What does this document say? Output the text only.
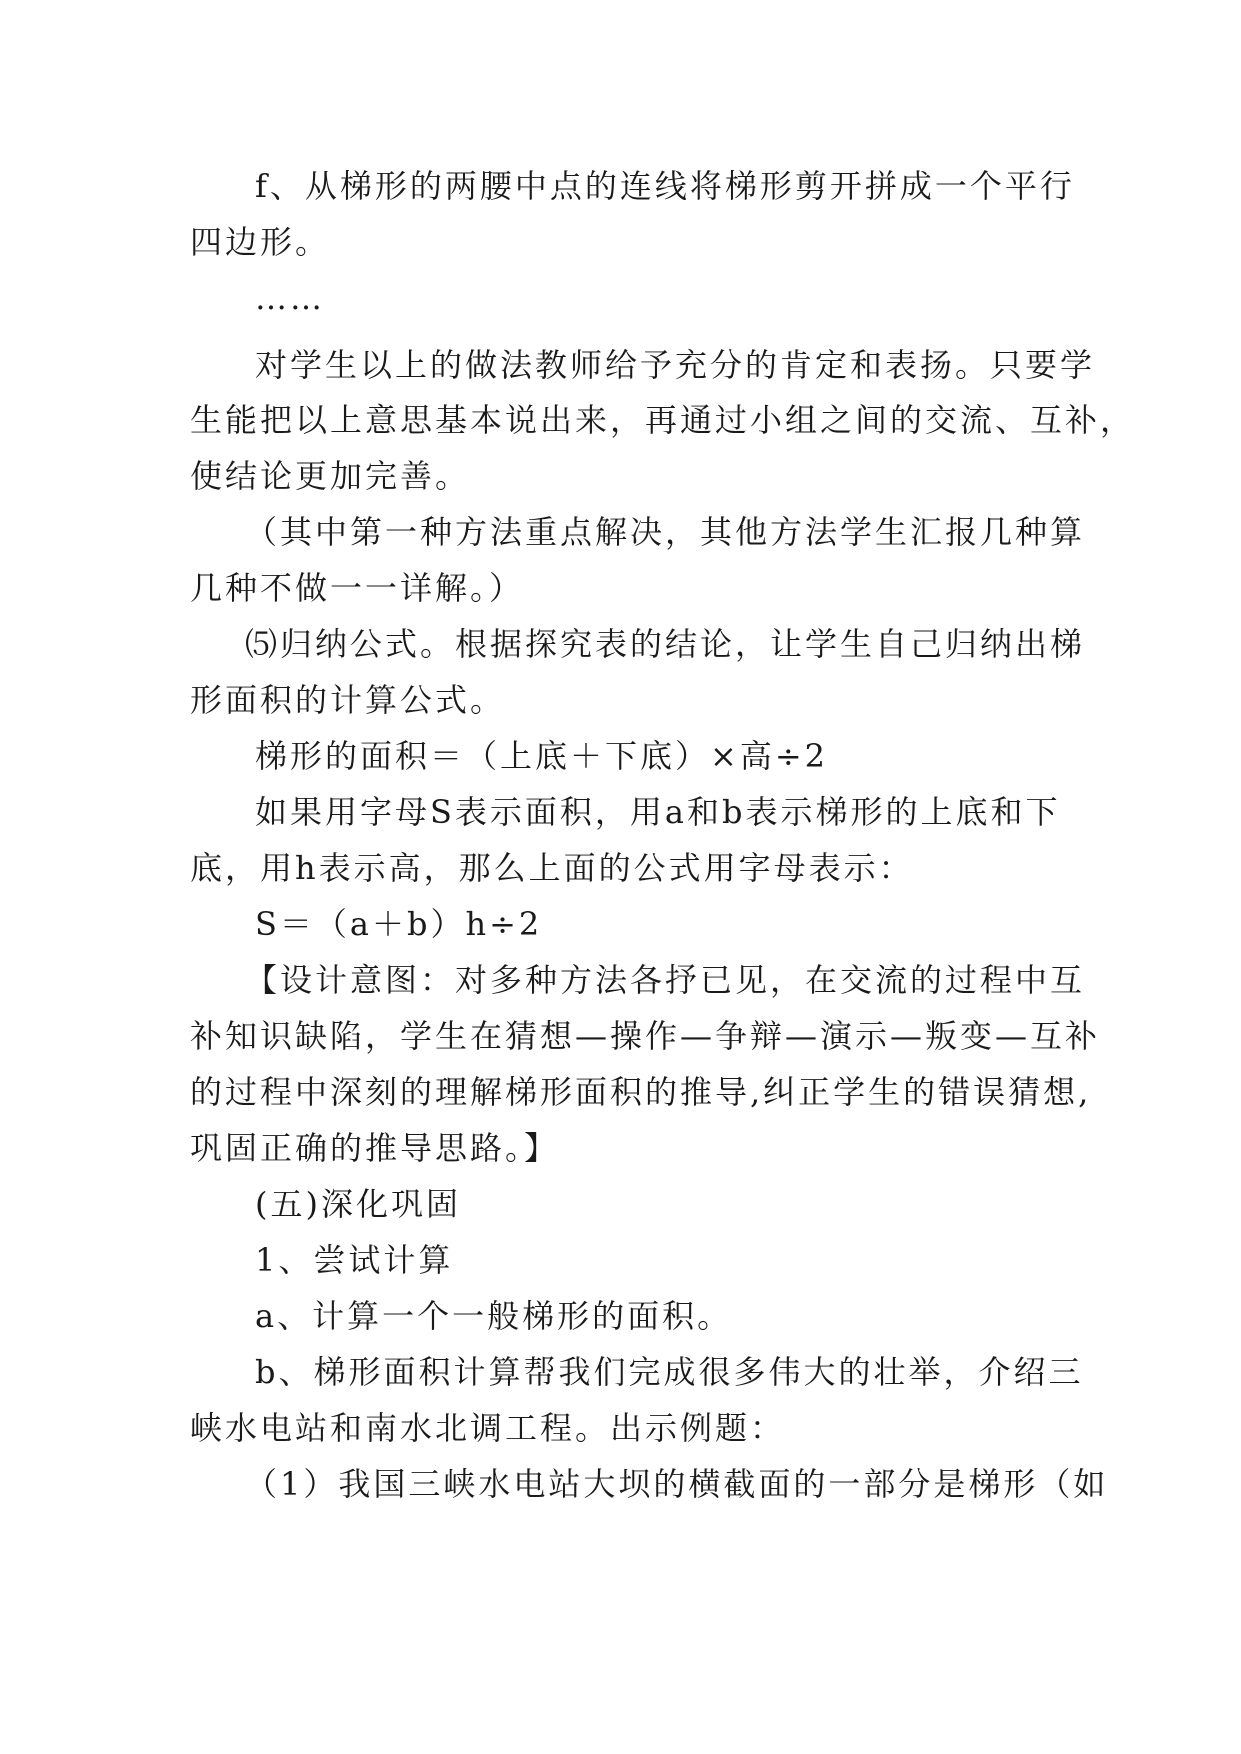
f、从梯形的两腰中点的连线将梯形剪开拼成一个平行
四边形。
……
对学生以上的做法教师给予充分的肯定和表扬。只要学
生能把以上意思基本说出来，再通过小组之间的交流、互补，
使结论更加完善。
（其中第一种方法重点解决，其他方法学生汇报几种算
几种不做一一详解。）
⑸归纳公式。根据探究表的结论，让学生自己归纳出梯
形面积的计算公式。
梯形的面积＝（上底＋下底）×高÷2
如果用字母S表示面积，用a和b表示梯形的上底和下
底，用h表示高，那么上面的公式用字母表示：
S＝（a＋b）h÷2
【设计意图：对多种方法各抒已见，在交流的过程中互
补知识缺陷，学生在猜想—操作—争辩—演示—叛变—互补
的过程中深刻的理解梯形面积的推导,纠正学生的错误猜想,
巩固正确的推导思路。】
(五)深化巩固
1、尝试计算
a、计算一个一般梯形的面积。
b、梯形面积计算帮我们完成很多伟大的壮举，介绍三
峡水电站和南水北调工程。出示例题：
（1）我国三峡水电站大坝的横截面的一部分是梯形（如
